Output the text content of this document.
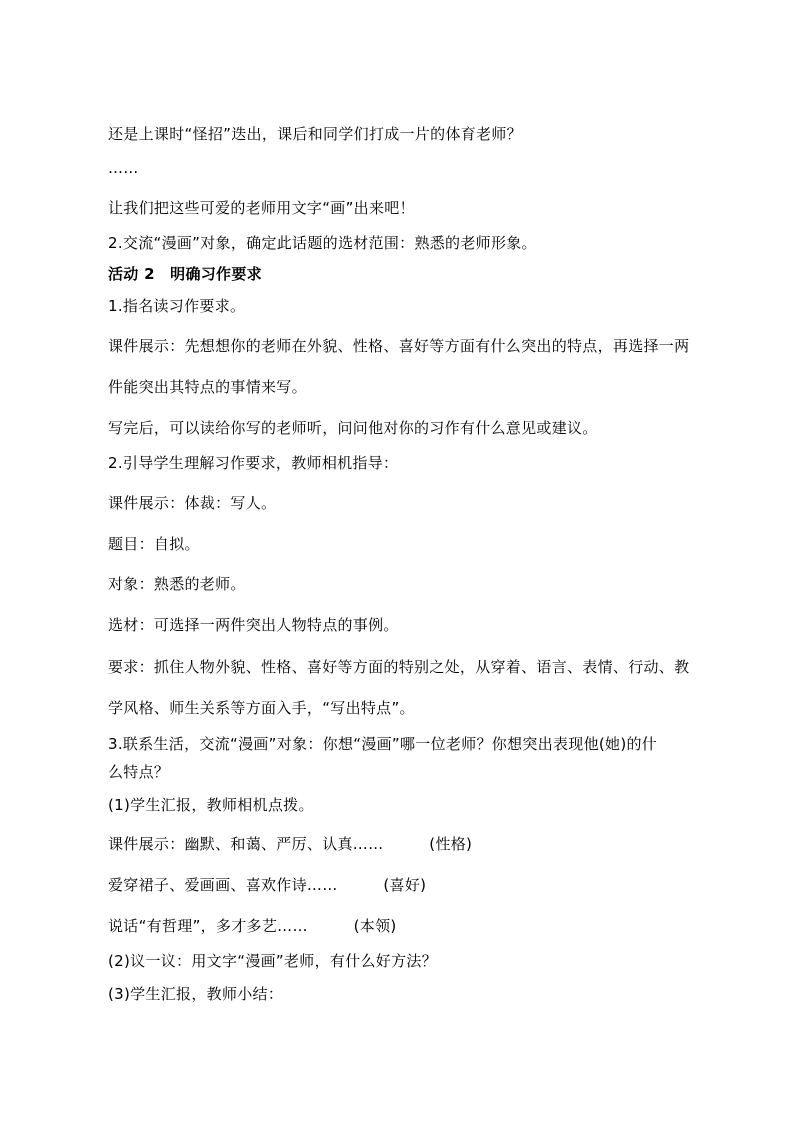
还是上课时“怪招”迭出，课后和同学们打成一片的体育老师？
……
让我们把这些可爱的老师用文字“画”出来吧！
2.交流“漫画”对象，确定此话题的选材范围：熟悉的老师形象。
活动 2　明确习作要求
1.指名读习作要求。
课件展示：先想想你的老师在外貌、性格、喜好等方面有什么突出的特点，再选择一两
件能突出其特点的事情来写。
写完后，可以读给你写的老师听，问问他对你的习作有什么意见或建议。
2.引导学生理解习作要求，教师相机指导：
课件展示：体裁：写人。
题目：自拟。
对象：熟悉的老师。
选材：可选择一两件突出人物特点的事例。
要求：抓住人物外貌、性格、喜好等方面的特别之处，从穿着、语言、表情、行动、教
学风格、师生关系等方面入手，“写出特点”。
3.联系生活，交流“漫画”对象：你想“漫画”哪一位老师？你想突出表现他(她)的什
么特点？
(1)学生汇报，教师相机点拨。
课件展示：幽默、和蔼、严厉、认真……　　　(性格)
爱穿裙子、爱画画、喜欢作诗……　　　(喜好)
说话“有哲理”，多才多艺……　　　(本领)
(2)议一议：用文字“漫画”老师，有什么好方法？
(3)学生汇报，教师小结：
